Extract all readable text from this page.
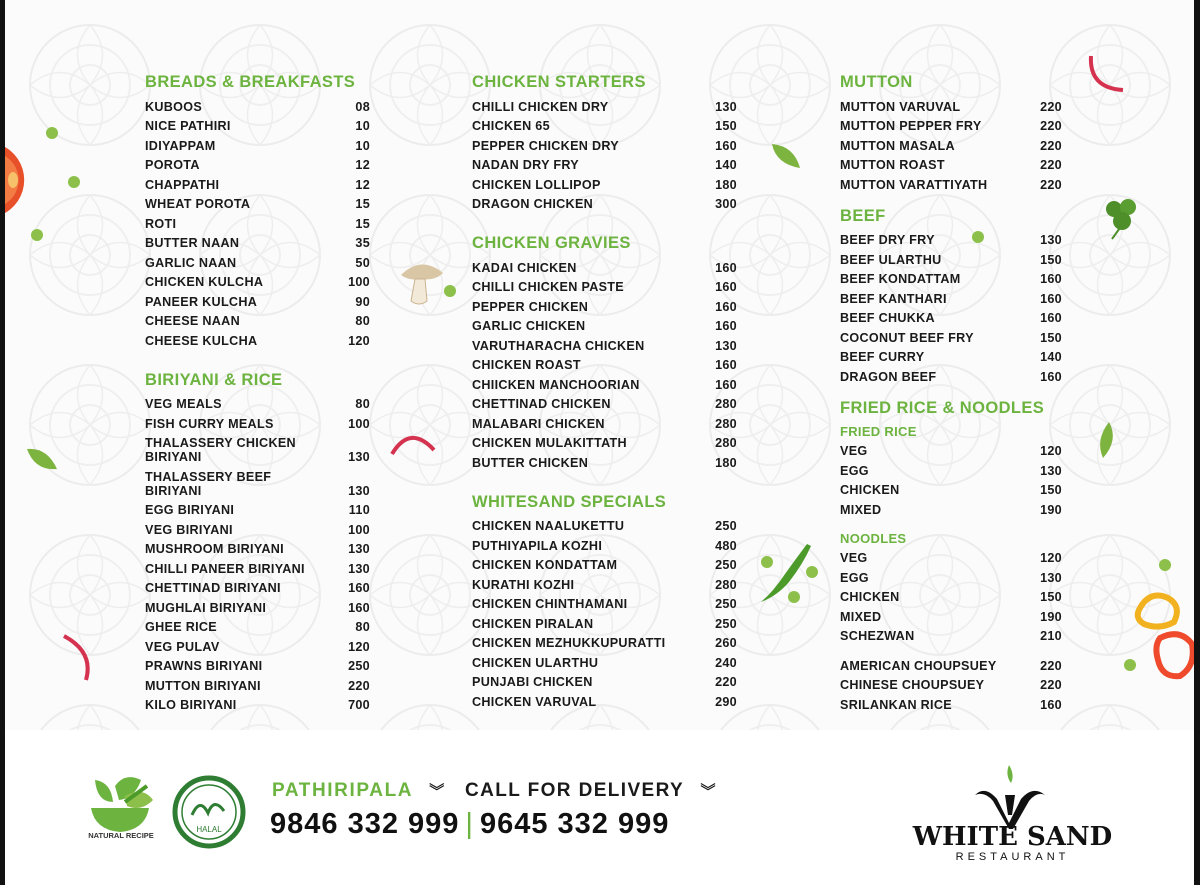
BREADS & BREAKFASTS
KUBOOS	08
NICE PATHIRI	10
IDIYAPPAM	10
POROTA	12
CHAPPATHI	12
WHEAT POROTA	15
ROTI	15
BUTTER NAAN	35
GARLIC NAAN	50
CHICKEN KULCHA	100
PANEER KULCHA	90
CHEESE NAAN	80
CHEESE KULCHA	120
BIRIYANI & RICE
VEG MEALS	80
FISH CURRY MEALS	100
THALASSERY CHICKEN BIRIYANI	130
THALASSERY BEEF BIRIYANI	130
EGG BIRIYANI	110
VEG BIRIYANI	100
MUSHROOM BIRIYANI	130
CHILLI PANEER BIRIYANI	130
CHETTINAD BIRIYANI	160
MUGHLAI BIRIYANI	160
GHEE RICE	80
VEG PULAV	120
PRAWNS BIRIYANI	250
MUTTON BIRIYANI	220
KILO BIRIYANI	700
CHICKEN STARTERS
CHILLI CHICKEN DRY	130
CHICKEN 65	150
PEPPER CHICKEN DRY	160
NADAN DRY FRY	140
CHICKEN LOLLIPOP	180
DRAGON CHICKEN	300
CHICKEN GRAVIES
KADAI CHICKEN	160
CHILLI CHICKEN PASTE	160
PEPPER CHICKEN	160
GARLIC CHICKEN	160
VARUTHARACHA CHICKEN	130
CHICKEN ROAST	160
CHIICKEN MANCHOORIAN	160
CHETTINAD CHICKEN	280
MALABARI CHICKEN	280
CHICKEN MULAKITTATH	280
BUTTER CHICKEN	180
WHITESAND SPECIALS
CHICKEN NAALUKETTU	250
PUTHIYAPILA KOZHI	480
CHICKEN KONDATTAM	250
KURATHI KOZHI	280
CHICKEN CHINTHAMANI	250
CHICKEN PIRALAN	250
CHICKEN MEZHUKKUPURATTI	260
CHICKEN ULARTHU	240
PUNJABI CHICKEN	220
CHICKEN VARUVAL	290
MUTTON
MUTTON VARUVAL	220
MUTTON PEPPER FRY	220
MUTTON MASALA	220
MUTTON ROAST	220
MUTTON VARATTIYATH	220
BEEF
BEEF DRY FRY	130
BEEF ULARTHU	150
BEEF KONDATTAM	160
BEEF KANTHARI	160
BEEF CHUKKA	160
COCONUT BEEF FRY	150
BEEF CURRY	140
DRAGON BEEF	160
FRIED RICE & NOODLES
FRIED RICE
VEG	120
EGG	130
CHICKEN	150
MIXED	190
NOODLES
VEG	120
EGG	130
CHICKEN	150
MIXED	190
SCHEZWAN	210
AMERICAN CHOUPSUEY	220
CHINESE CHOUPSUEY	220
SRILANKAN RICE	160
NATURAL RECIPE
HALAL
PATHIRIPALA ︾ CALL FOR DELIVERY ︾
9846 332 999 | 9645 332 999	WHITE SAND
RESTAURANT
